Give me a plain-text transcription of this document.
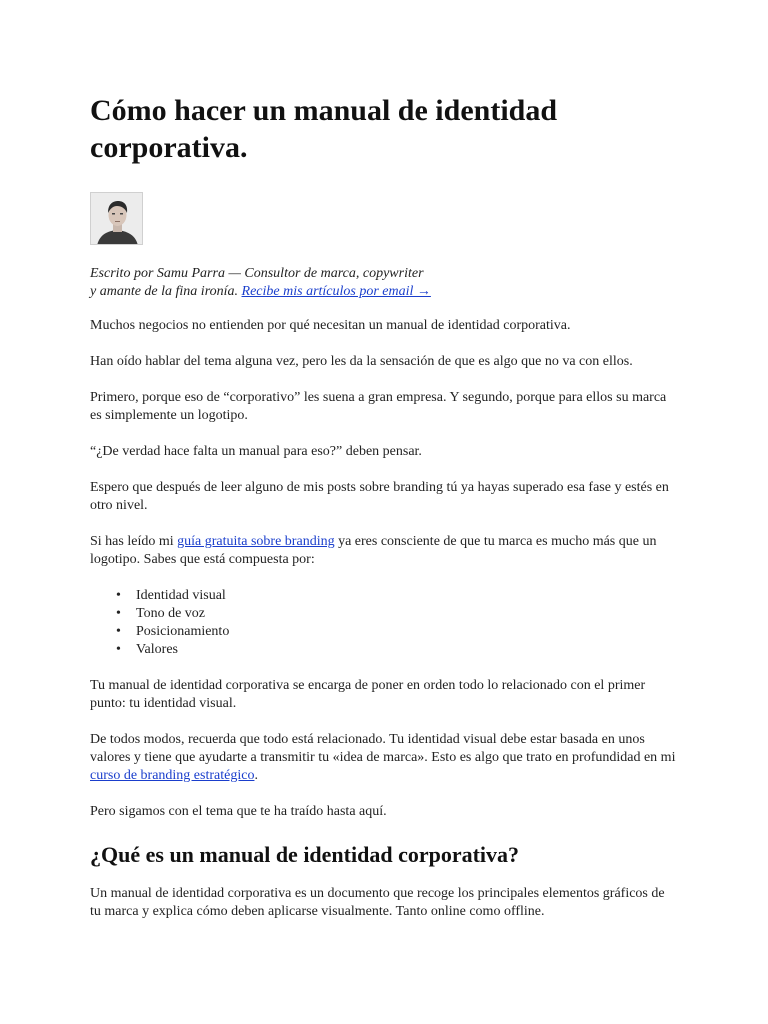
Cómo hacer un manual de identidad corporativa.
Escrito por Samu Parra — Consultor de marca, copywriter
y amante de la fina ironía. Recibe mis artículos por email →

Muchos negocios no entienden por qué necesitan un manual de identidad corporativa.

Han oído hablar del tema alguna vez, pero les da la sensación de que es algo que no va con ellos.

Primero, porque eso de “corporativo” les suena a gran empresa. Y segundo, porque para ellos su marca es simplemente un logotipo.

“¿De verdad hace falta un manual para eso?” deben pensar.

Espero que después de leer alguno de mis posts sobre branding tú ya hayas superado esa fase y estés en otro nivel.

Si has leído mi guía gratuita sobre branding ya eres consciente de que tu marca es mucho más que un logotipo. Sabes que está compuesta por:

• Identidad visual
• Tono de voz
• Posicionamiento
• Valores

Tu manual de identidad corporativa se encarga de poner en orden todo lo relacionado con el primer punto: tu identidad visual.

De todos modos, recuerda que todo está relacionado. Tu identidad visual debe estar basada en unos valores y tiene que ayudarte a transmitir tu «idea de marca». Esto es algo que trato en profundidad en mi curso de branding estratégico.

Pero sigamos con el tema que te ha traído hasta aquí.

¿Qué es un manual de identidad corporativa?

Un manual de identidad corporativa es un documento que recoge los principales elementos gráficos de tu marca y explica cómo deben aplicarse visualmente. Tanto online como offline.
